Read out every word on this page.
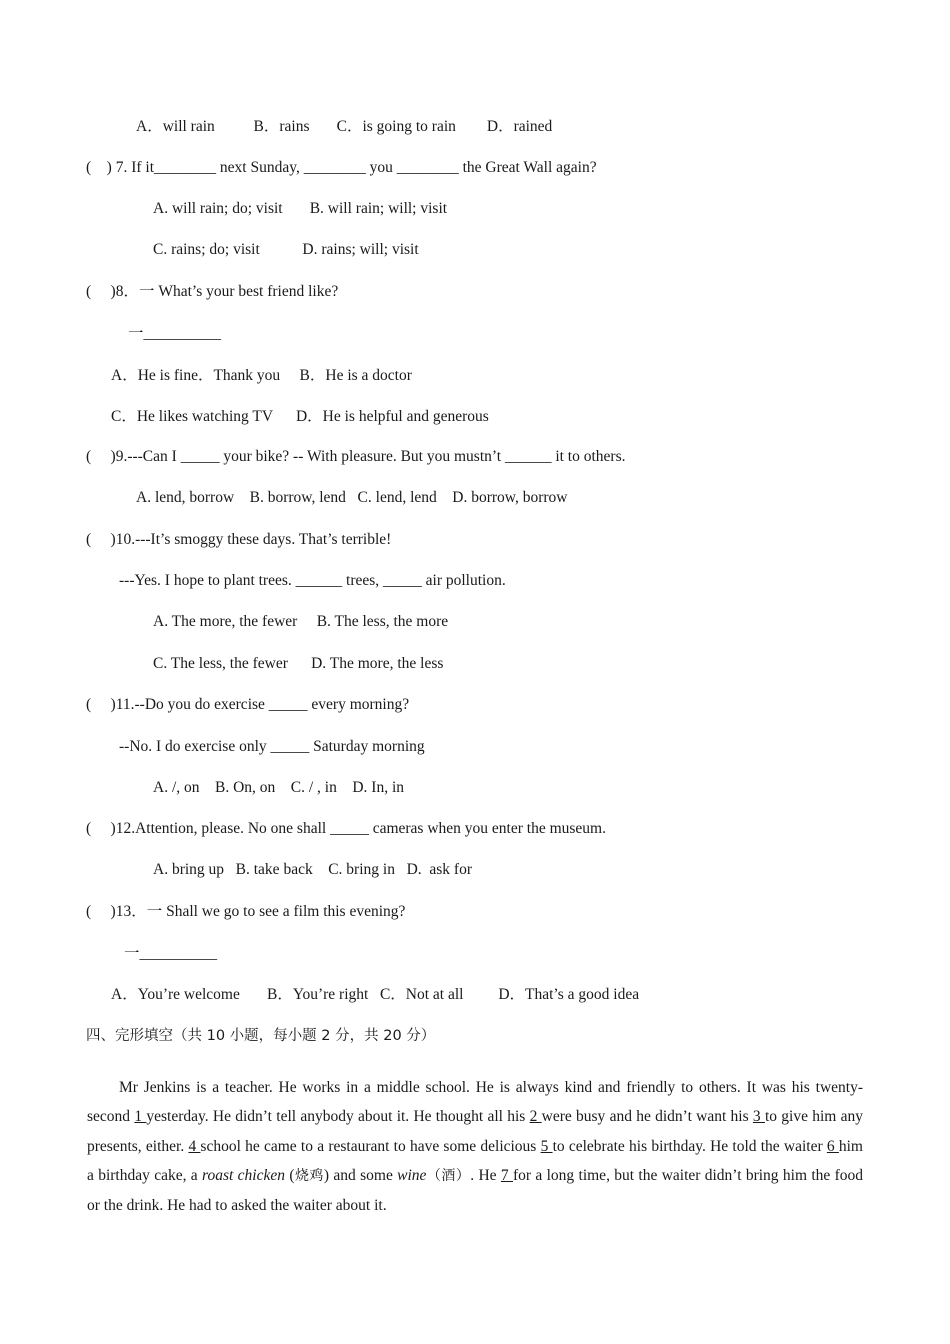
A．will rain          B．rains       C．is going to rain        D．rained
(    ) 7. If it________ next Sunday, ________ you ________ the Great Wall again?
A. will rain; do; visit       B. will rain; will; visit
C. rains; do; visit           D. rains; will; visit
(     )8．一 What’s your best friend like?
一__________
A．He is fine．Thank you     B．He is a doctor
C．He likes watching TV      D．He is helpful and generous
(     )9.---Can I _____ your bike? -- With pleasure. But you mustn’t ______ it to others.
A. lend, borrow    B. borrow, lend   C. lend, lend    D. borrow, borrow
(     )10.---It’s smoggy these days. That’s terrible!
---Yes. I hope to plant trees. ______ trees, _____ air pollution.
A. The more, the fewer     B. The less, the more
C. The less, the fewer      D. The more, the less
(     )11.--Do you do exercise _____ every morning?
--No. I do exercise only _____ Saturday morning
A. /, on    B. On, on    C. / , in    D. In, in
(     )12.Attention, please. No one shall _____ cameras when you enter the museum.
A. bring up   B. take back    C. bring in   D.  ask for
(     )13．一 Shall we go to see a film this evening?
一__________
A．You’re welcome       B．You’re right   C．Not at all         D．That’s a good idea
四、完形填空（共 10 小题，每小题 2 分，共 20 分）
Mr Jenkins is a teacher. He works in a middle school. He is always kind and friendly to others. It was his twenty-second 1 yesterday. He didn’t tell anybody about it. He thought all his 2 were busy and he didn’t want his 3 to give him any presents, either. 4 school he came to a restaurant to have some delicious 5 to celebrate his birthday. He told the waiter 6 him a birthday cake, a roast chicken (烧鸡) and some wine（酒）. He 7 for a long time, but the waiter didn’t bring him the food or the drink. He had to asked the waiter about it.
